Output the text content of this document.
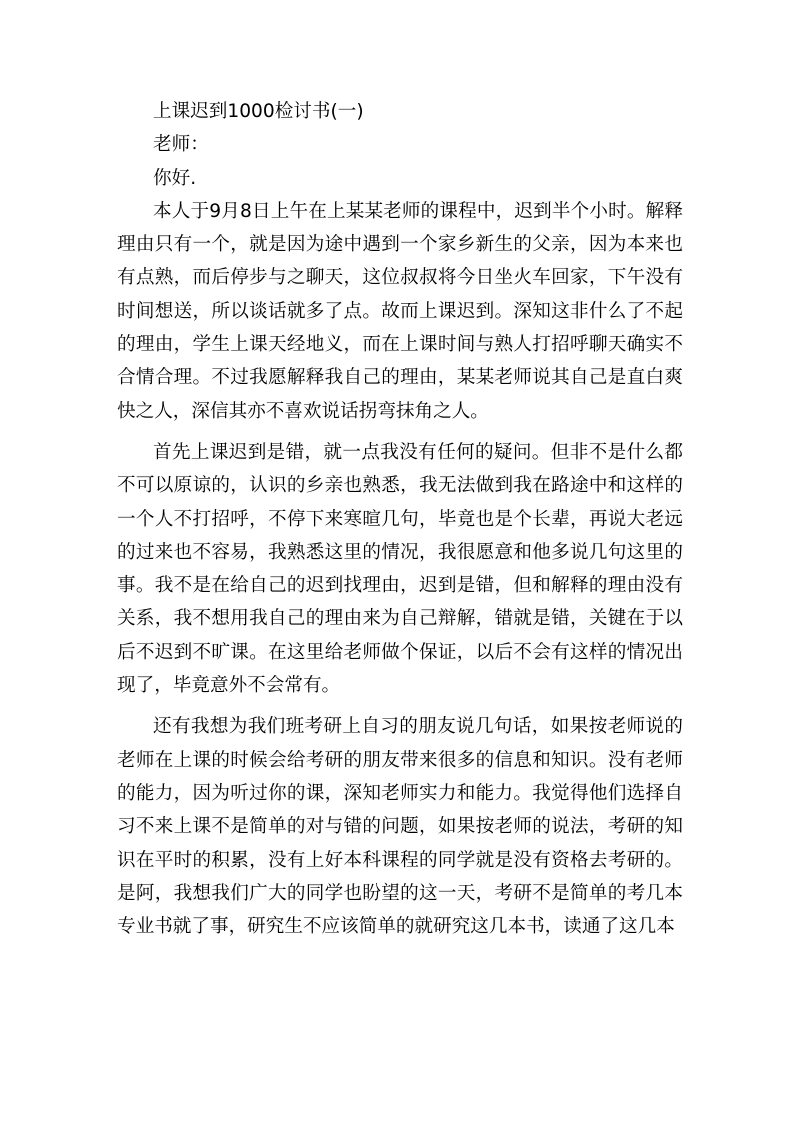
上课迟到1000检讨书(一)

老师：

你好.

本人于9月8日上午在上某某老师的课程中，迟到半个小时。解释理由只有一个，就是因为途中遇到一个家乡新生的父亲，因为本来也有点熟，而后停步与之聊天，这位叔叔将今日坐火车回家，下午没有时间想送，所以谈话就多了点。故而上课迟到。深知这非什么了不起的理由，学生上课天经地义，而在上课时间与熟人打招呼聊天确实不合情合理。不过我愿解释我自己的理由，某某老师说其自己是直白爽快之人，深信其亦不喜欢说话拐弯抹角之人。

首先上课迟到是错，就一点我没有任何的疑问。但非不是什么都不可以原谅的，认识的乡亲也熟悉，我无法做到我在路途中和这样的一个人不打招呼，不停下来寒暄几句，毕竟也是个长辈，再说大老远的过来也不容易，我熟悉这里的情况，我很愿意和他多说几句这里的事。我不是在给自己的迟到找理由，迟到是错，但和解释的理由没有关系，我不想用我自己的理由来为自己辩解，错就是错，关键在于以后不迟到不旷课。在这里给老师做个保证，以后不会有这样的情况出现了，毕竟意外不会常有。

还有我想为我们班考研上自习的朋友说几句话，如果按老师说的老师在上课的时候会给考研的朋友带来很多的信息和知识。没有老师的能力，因为听过你的课，深知老师实力和能力。我觉得他们选择自习不来上课不是简单的对与错的问题，如果按老师的说法，考研的知识在平时的积累，没有上好本科课程的同学就是没有资格去考研的。是阿，我想我们广大的同学也盼望的这一天，考研不是简单的考几本专业书就了事，研究生不应该简单的就研究这几本书，读通了这几本
